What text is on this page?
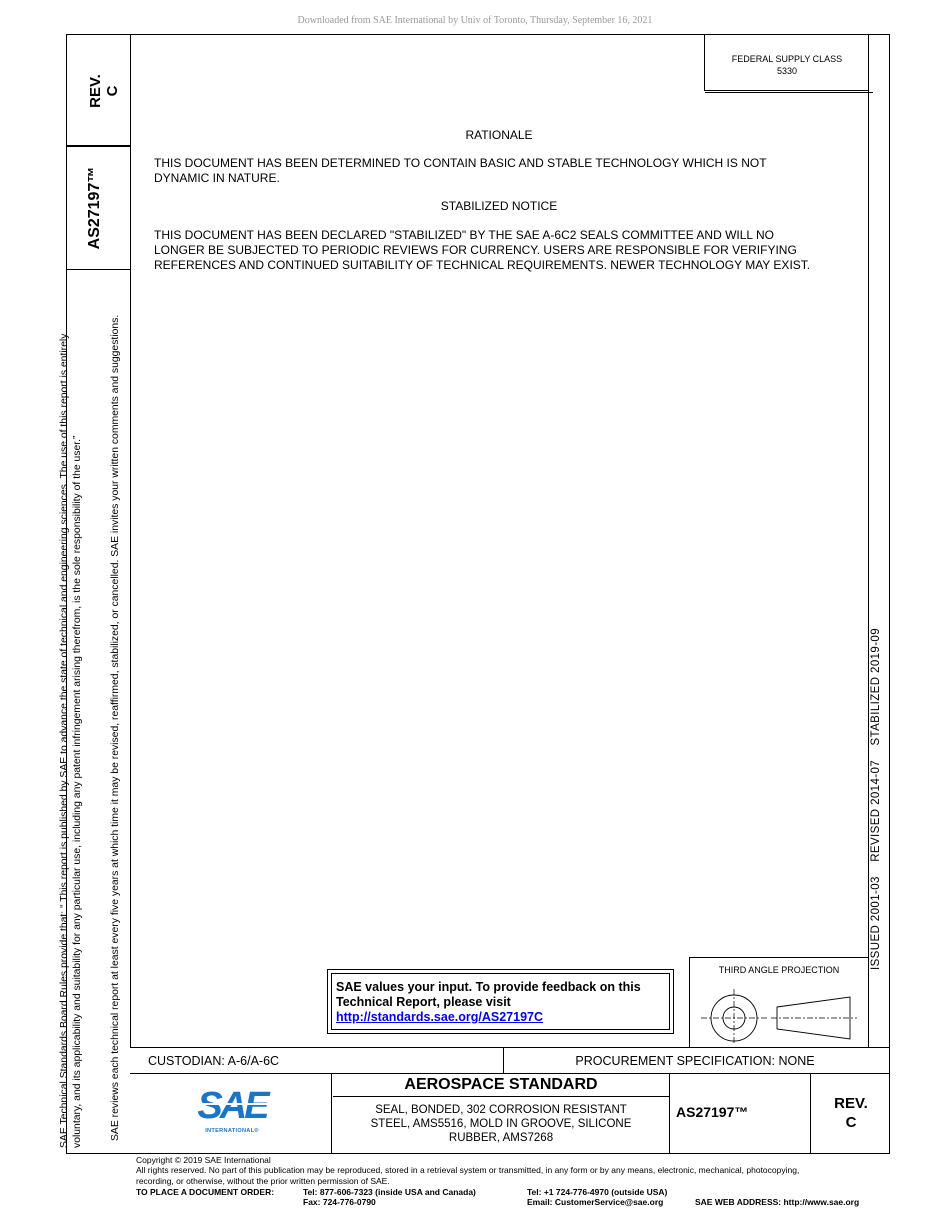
Downloaded from SAE International by Univ of Toronto, Thursday, September 16, 2021
REV. C
AS27197™
SAE Technical Standards Board Rules provide that: “ This report is published by SAE to advance the state of technical and engineering sciences. The use of this report is entirely voluntary, and its applicability and suitability for any particular use, including any patent infringement arising therefrom, is the sole responsibility of the user.”	SAE reviews each technical report at least every five years at which time it may be revised, reaffirmed, stabilized, or cancelled. SAE invites your written comments and suggestions.	ISSUED 2001-03    REVISED 2014-07    STABILIZED 2019-09
FEDERAL SUPPLY CLASS
5330
RATIONALE
THIS DOCUMENT HAS BEEN DETERMINED TO CONTAIN BASIC AND STABLE TECHNOLOGY WHICH IS NOT
DYNAMIC IN NATURE.
STABILIZED NOTICE
THIS DOCUMENT HAS BEEN DECLARED "STABILIZED" BY THE SAE A-6C2 SEALS COMMITTEE AND WILL NO
LONGER BE SUBJECTED TO PERIODIC REVIEWS FOR CURRENCY. USERS ARE RESPONSIBLE FOR VERIFYING
REFERENCES AND CONTINUED SUITABILITY OF TECHNICAL REQUIREMENTS. NEWER TECHNOLOGY MAY EXIST.
SAE values your input. To provide feedback on this
Technical Report, please visit
http://standards.sae.org/AS27197C
THIRD ANGLE PROJECTION
CUSTODIAN: A-6/A-6C	PROCUREMENT SPECIFICATION: NONE
SAE
INTERNATIONAL®
AEROSPACE STANDARD
SEAL, BONDED, 302 CORROSION RESISTANT
STEEL, AMS5516, MOLD IN GROOVE, SILICONE
RUBBER, AMS7268
AS27197™	REV.
C
Copyright © 2019 SAE International
All rights reserved. No part of this publication may be reproduced, stored in a retrieval system or transmitted, in any form or by any means, electronic, mechanical, photocopying,
recording, or otherwise, without the prior written permission of SAE.
TO PLACE A DOCUMENT ORDER:	Tel: 877-606-7323 (inside USA and Canada)	Tel: +1 724-776-4970 (outside USA)
Fax: 724-776-0790	Email: CustomerService@sae.org	SAE WEB ADDRESS: http://www.sae.org
